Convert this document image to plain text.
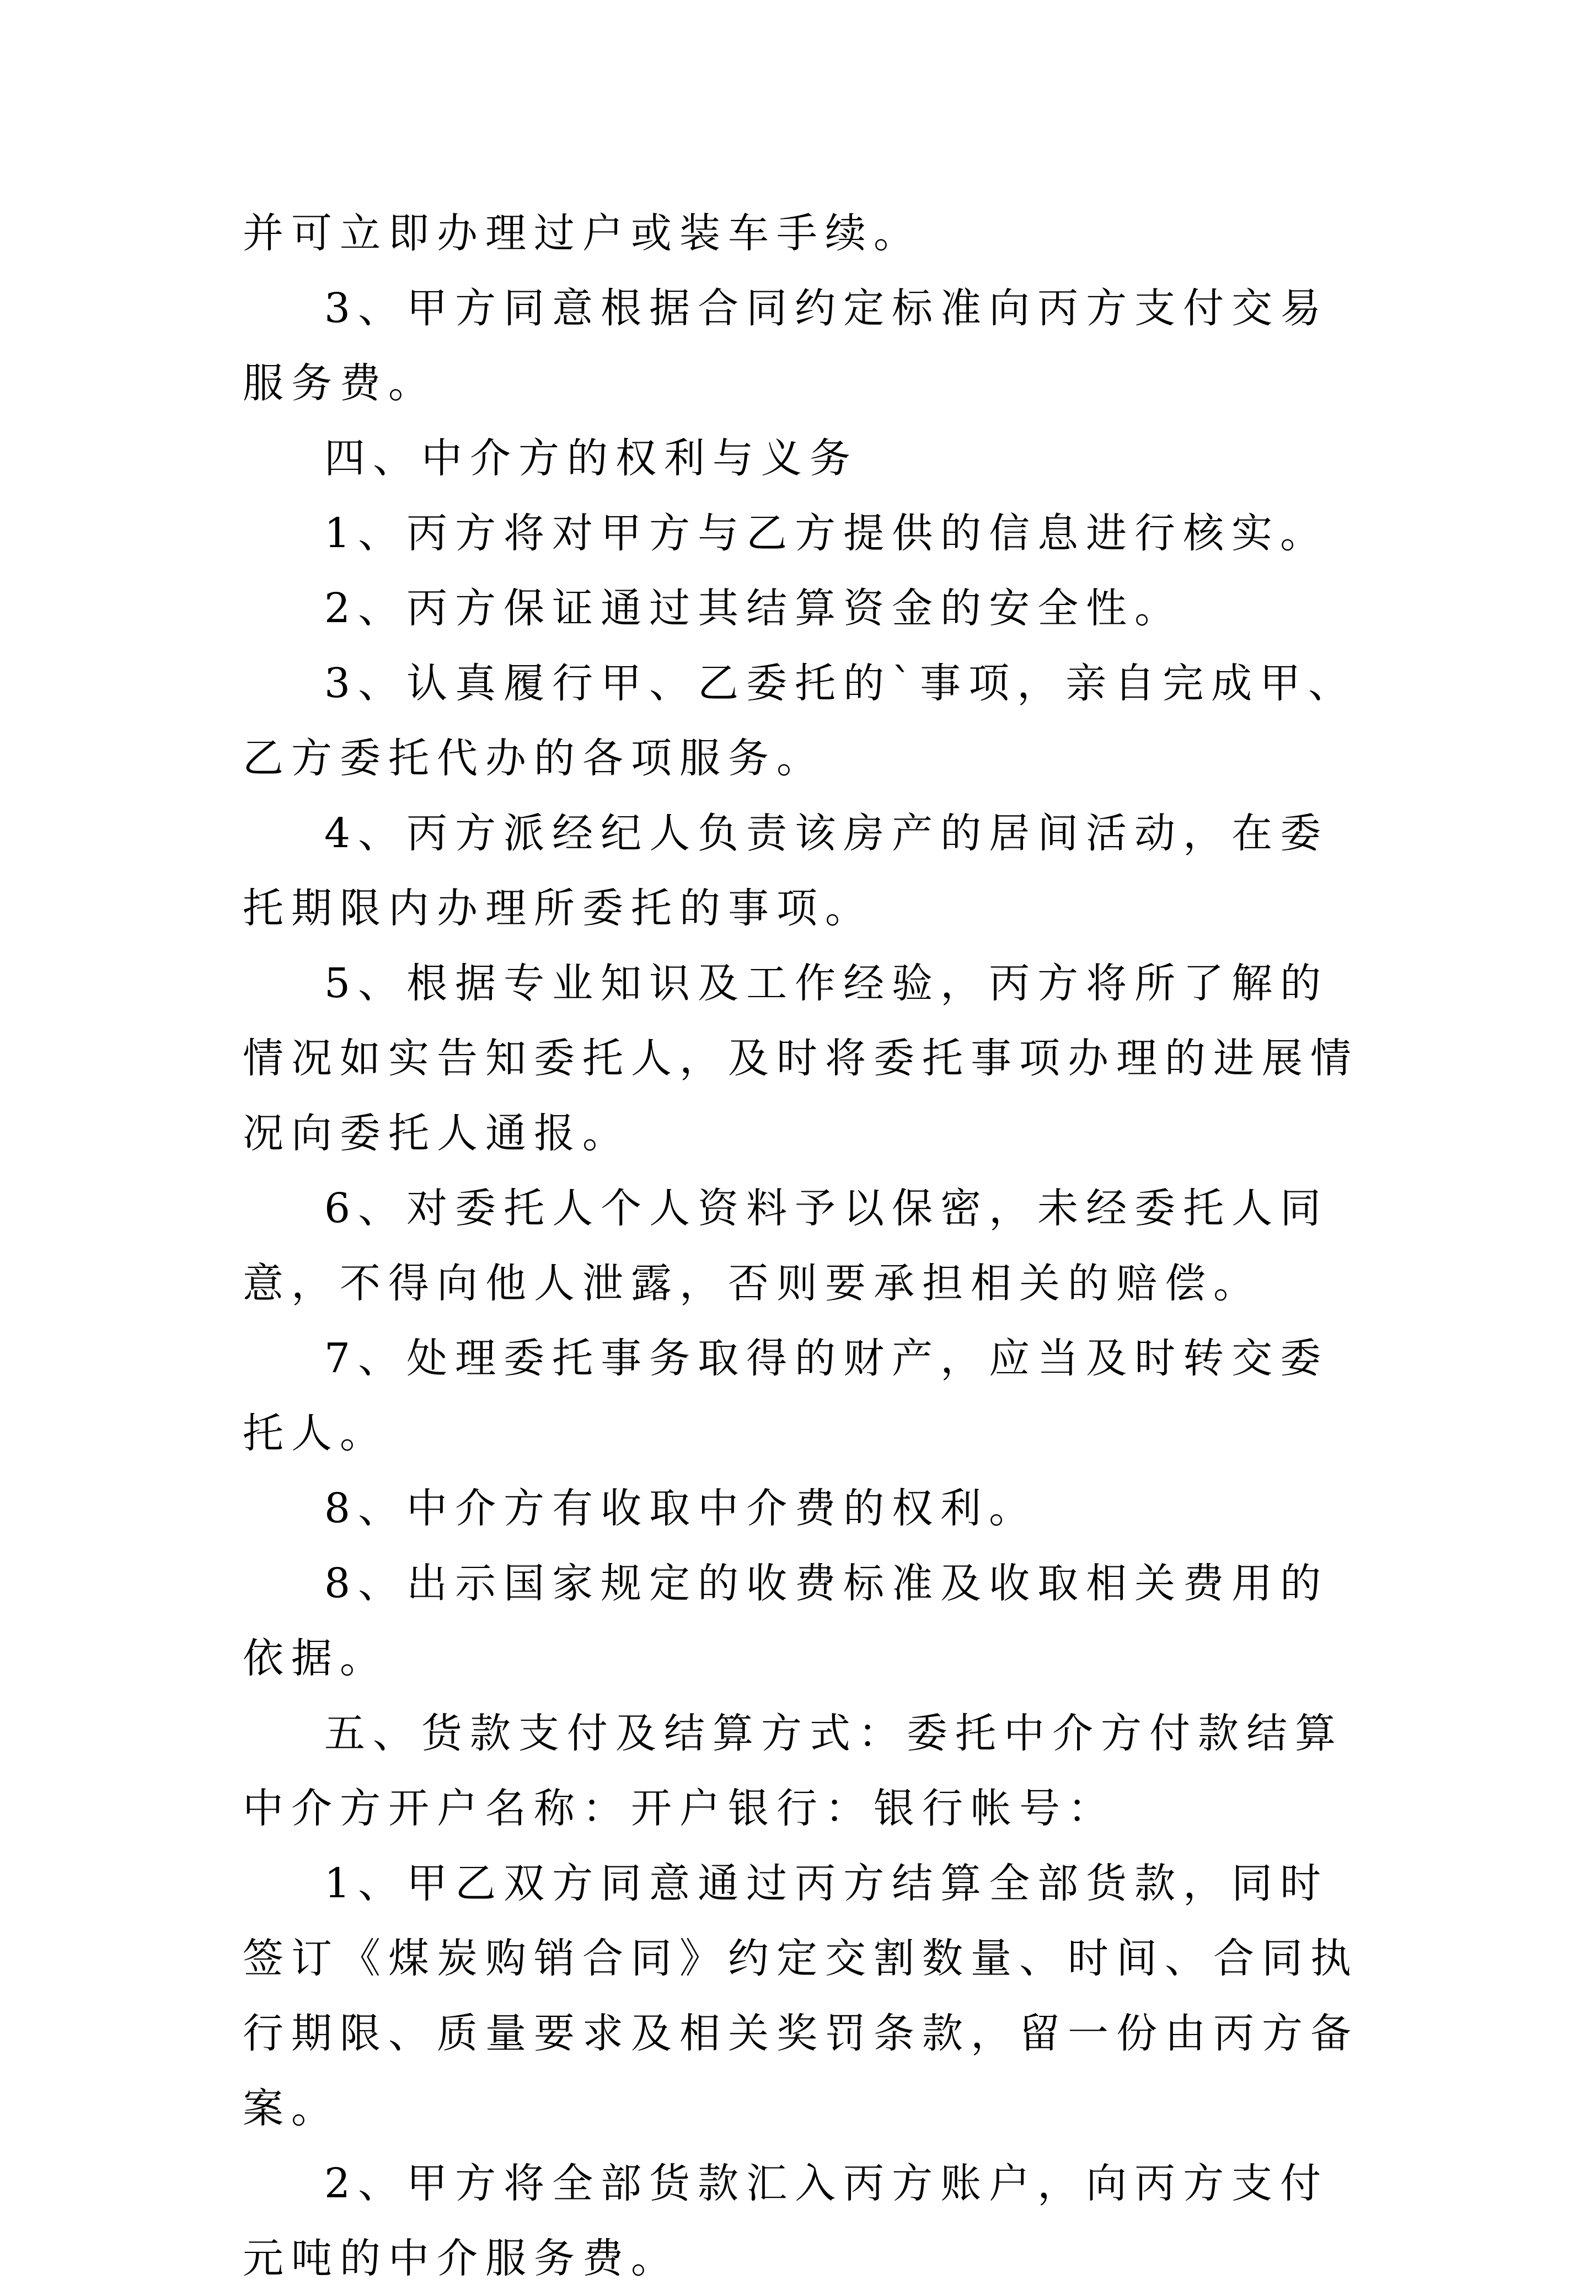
并可立即办理过户或装车手续。

3、甲方同意根据合同约定标准向丙方支付交易服务费。

四、中介方的权利与义务

1、丙方将对甲方与乙方提供的信息进行核实。

2、丙方保证通过其结算资金的安全性。

3、认真履行甲、乙委托的`事项，亲自完成甲、乙方委托代办的各项服务。

4、丙方派经纪人负责该房产的居间活动，在委托期限内办理所委托的事项。

5、根据专业知识及工作经验，丙方将所了解的情况如实告知委托人，及时将委托事项办理的进展情况向委托人通报。

6、对委托人个人资料予以保密，未经委托人同意，不得向他人泄露，否则要承担相关的赔偿。

7、处理委托事务取得的财产，应当及时转交委托人。

8、中介方有收取中介费的权利。

8、出示国家规定的收费标准及收取相关费用的依据。

五、货款支付及结算方式：委托中介方付款结算中介方开户名称：开户银行：银行帐号：

1、甲乙双方同意通过丙方结算全部货款，同时签订《煤炭购销合同》约定交割数量、时间、合同执行期限、质量要求及相关奖罚条款，留一份由丙方备案。

2、甲方将全部货款汇入丙方账户，向丙方支付元吨的中介服务费。
